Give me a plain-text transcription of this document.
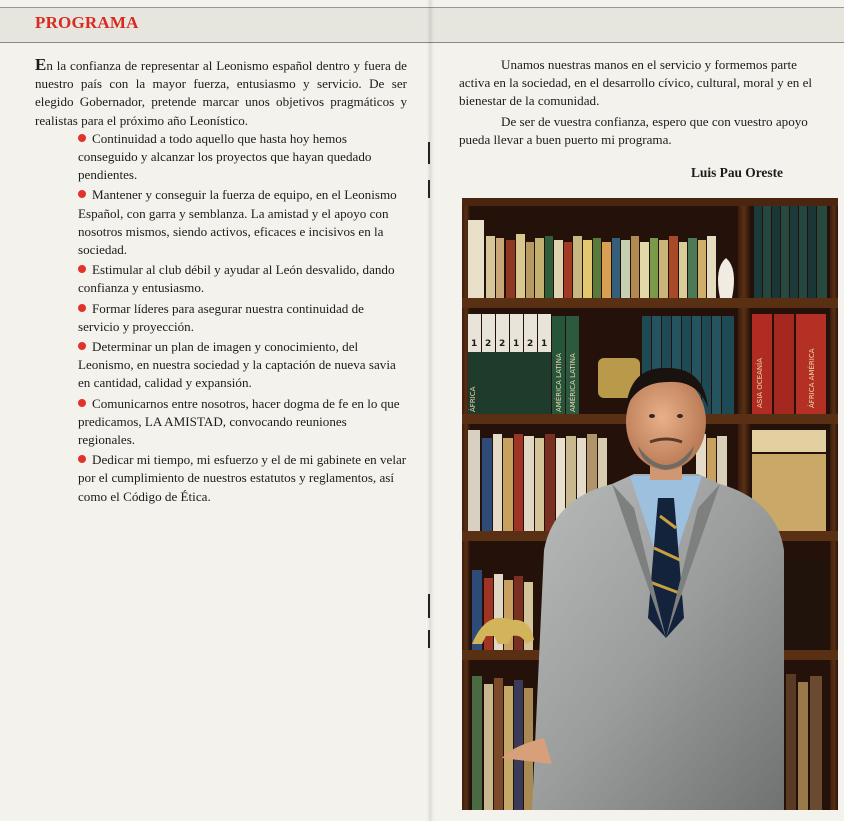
PROGRAMA

En la confianza de representar al Leonismo español dentro y fuera de nuestro país con la mayor fuerza, entusiasmo y servicio. De ser elegido Gobernador, pretende marcar unos objetivos pragmáticos y realistas para el próximo año Leonístico.

Continuidad a todo aquello que hasta hoy hemos conseguido y alcanzar los proyectos que hayan quedado pendientes.
Mantener y conseguir la fuerza de equipo, en el Leonismo Español, con garra y semblanza. La amistad y el apoyo con nosotros mismos, siendo activos, eficaces e incisivos en la sociedad.
Estimular al club débil y ayudar al León desvalido, dando confianza y entusiasmo.
Formar líderes para asegurar nuestra continuidad de servicio y proyección.
Determinar un plan de imagen y conocimiento, del Leonismo, en nuestra sociedad y la captación de nueva savia en cantidad, calidad y expansión.
Comunicarnos entre nosotros, hacer dogma de fe en lo que predicamos, LA AMISTAD, convocando reuniones regionales.
Dedicar mi tiempo, mi esfuerzo y el de mi gabinete en velar por el cumplimiento de nuestros estatutos y reglamentos, así como el Código de Ética.

Unamos nuestras manos en el servicio y formemos parte activa en la sociedad, en el desarrollo cívico, cultural, moral y en el bienestar de la comunidad.

De ser de vuestra confianza, espero que con vuestro apoyo pueda llevar a buen puerto mi programa.

Luis Pau Oreste
1 2 2 1 2 1
ÁFRICA	AMÉRICA LATINA AMÉRICA LATINA	ASIA OCEANÍA	ÁFRICA AMÉRICA
